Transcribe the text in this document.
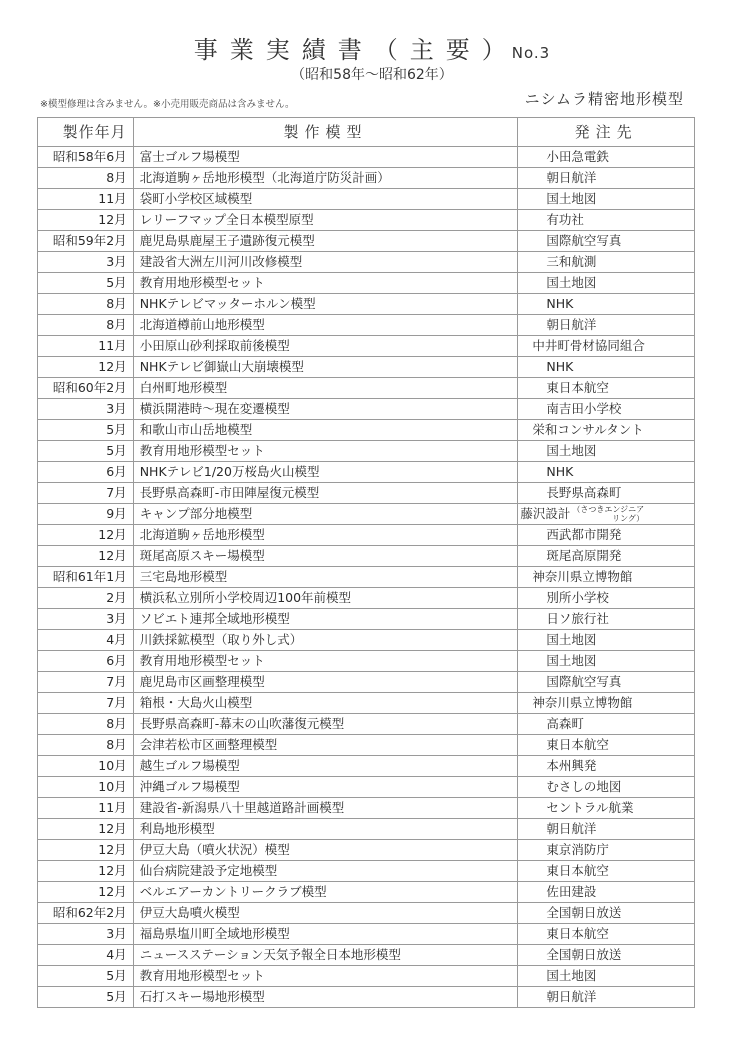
事業実績書（主要）No.3
（昭和58年～昭和62年）
※模型修理は含みません。※小売用販売商品は含みません。	ニシムラ精密地形模型
製作年月	製作模型	発注先
昭和58年6月	富士ゴルフ場模型	小田急電鉄
8月	北海道駒ヶ岳地形模型（北海道庁防災計画）	朝日航洋
11月	袋町小学校区域模型	国土地図
12月	レリーフマップ全日本模型原型	有功社
昭和59年2月	鹿児島県鹿屋王子遺跡復元模型	国際航空写真
3月	建設省大洲左川河川改修模型	三和航測
5月	教育用地形模型セット	国土地図
8月	NHKテレビマッターホルン模型	NHK
8月	北海道樽前山地形模型	朝日航洋
11月	小田原山砂利採取前後模型	中井町骨材協同組合
12月	NHKテレビ御嶽山大崩壊模型	NHK
昭和60年2月	白州町地形模型	東日本航空
3月	横浜開港時～現在変遷模型	南吉田小学校
5月	和歌山市山岳地模型	栄和コンサルタント
5月	教育用地形模型セット	国土地図
6月	NHKテレビ1/20万桜島火山模型	NHK
7月	長野県高森町-市田陣屋復元模型	長野県高森町
9月	キャンプ部分地模型	藤沢設計 （さつきエンジニア
リング）

12月	北海道駒ヶ岳地形模型	西武都市開発
12月	斑尾高原スキー場模型	斑尾高原開発
昭和61年1月	三宅島地形模型	神奈川県立博物館
2月	横浜私立別所小学校周辺100年前模型	別所小学校
3月	ソビエト連邦全域地形模型	日ソ旅行社
4月	川鉄採鉱模型（取り外し式）	国土地図
6月	教育用地形模型セット	国土地図
7月	鹿児島市区画整理模型	国際航空写真
7月	箱根・大島火山模型	神奈川県立博物館
8月	長野県高森町-幕末の山吹藩復元模型	高森町
8月	会津若松市区画整理模型	東日本航空
10月	越生ゴルフ場模型	本州興発
10月	沖縄ゴルフ場模型	むさしの地図
11月	建設省-新潟県八十里越道路計画模型	セントラル航業
12月	利島地形模型	朝日航洋
12月	伊豆大島（噴火状況）模型	東京消防庁
12月	仙台病院建設予定地模型	東日本航空
12月	ベルエアーカントリークラブ模型	佐田建設
昭和62年2月	伊豆大島噴火模型	全国朝日放送
3月	福島県塩川町全域地形模型	東日本航空
4月	ニュースステーション天気予報全日本地形模型	全国朝日放送
5月	教育用地形模型セット	国土地図
5月	石打スキー場地形模型	朝日航洋
